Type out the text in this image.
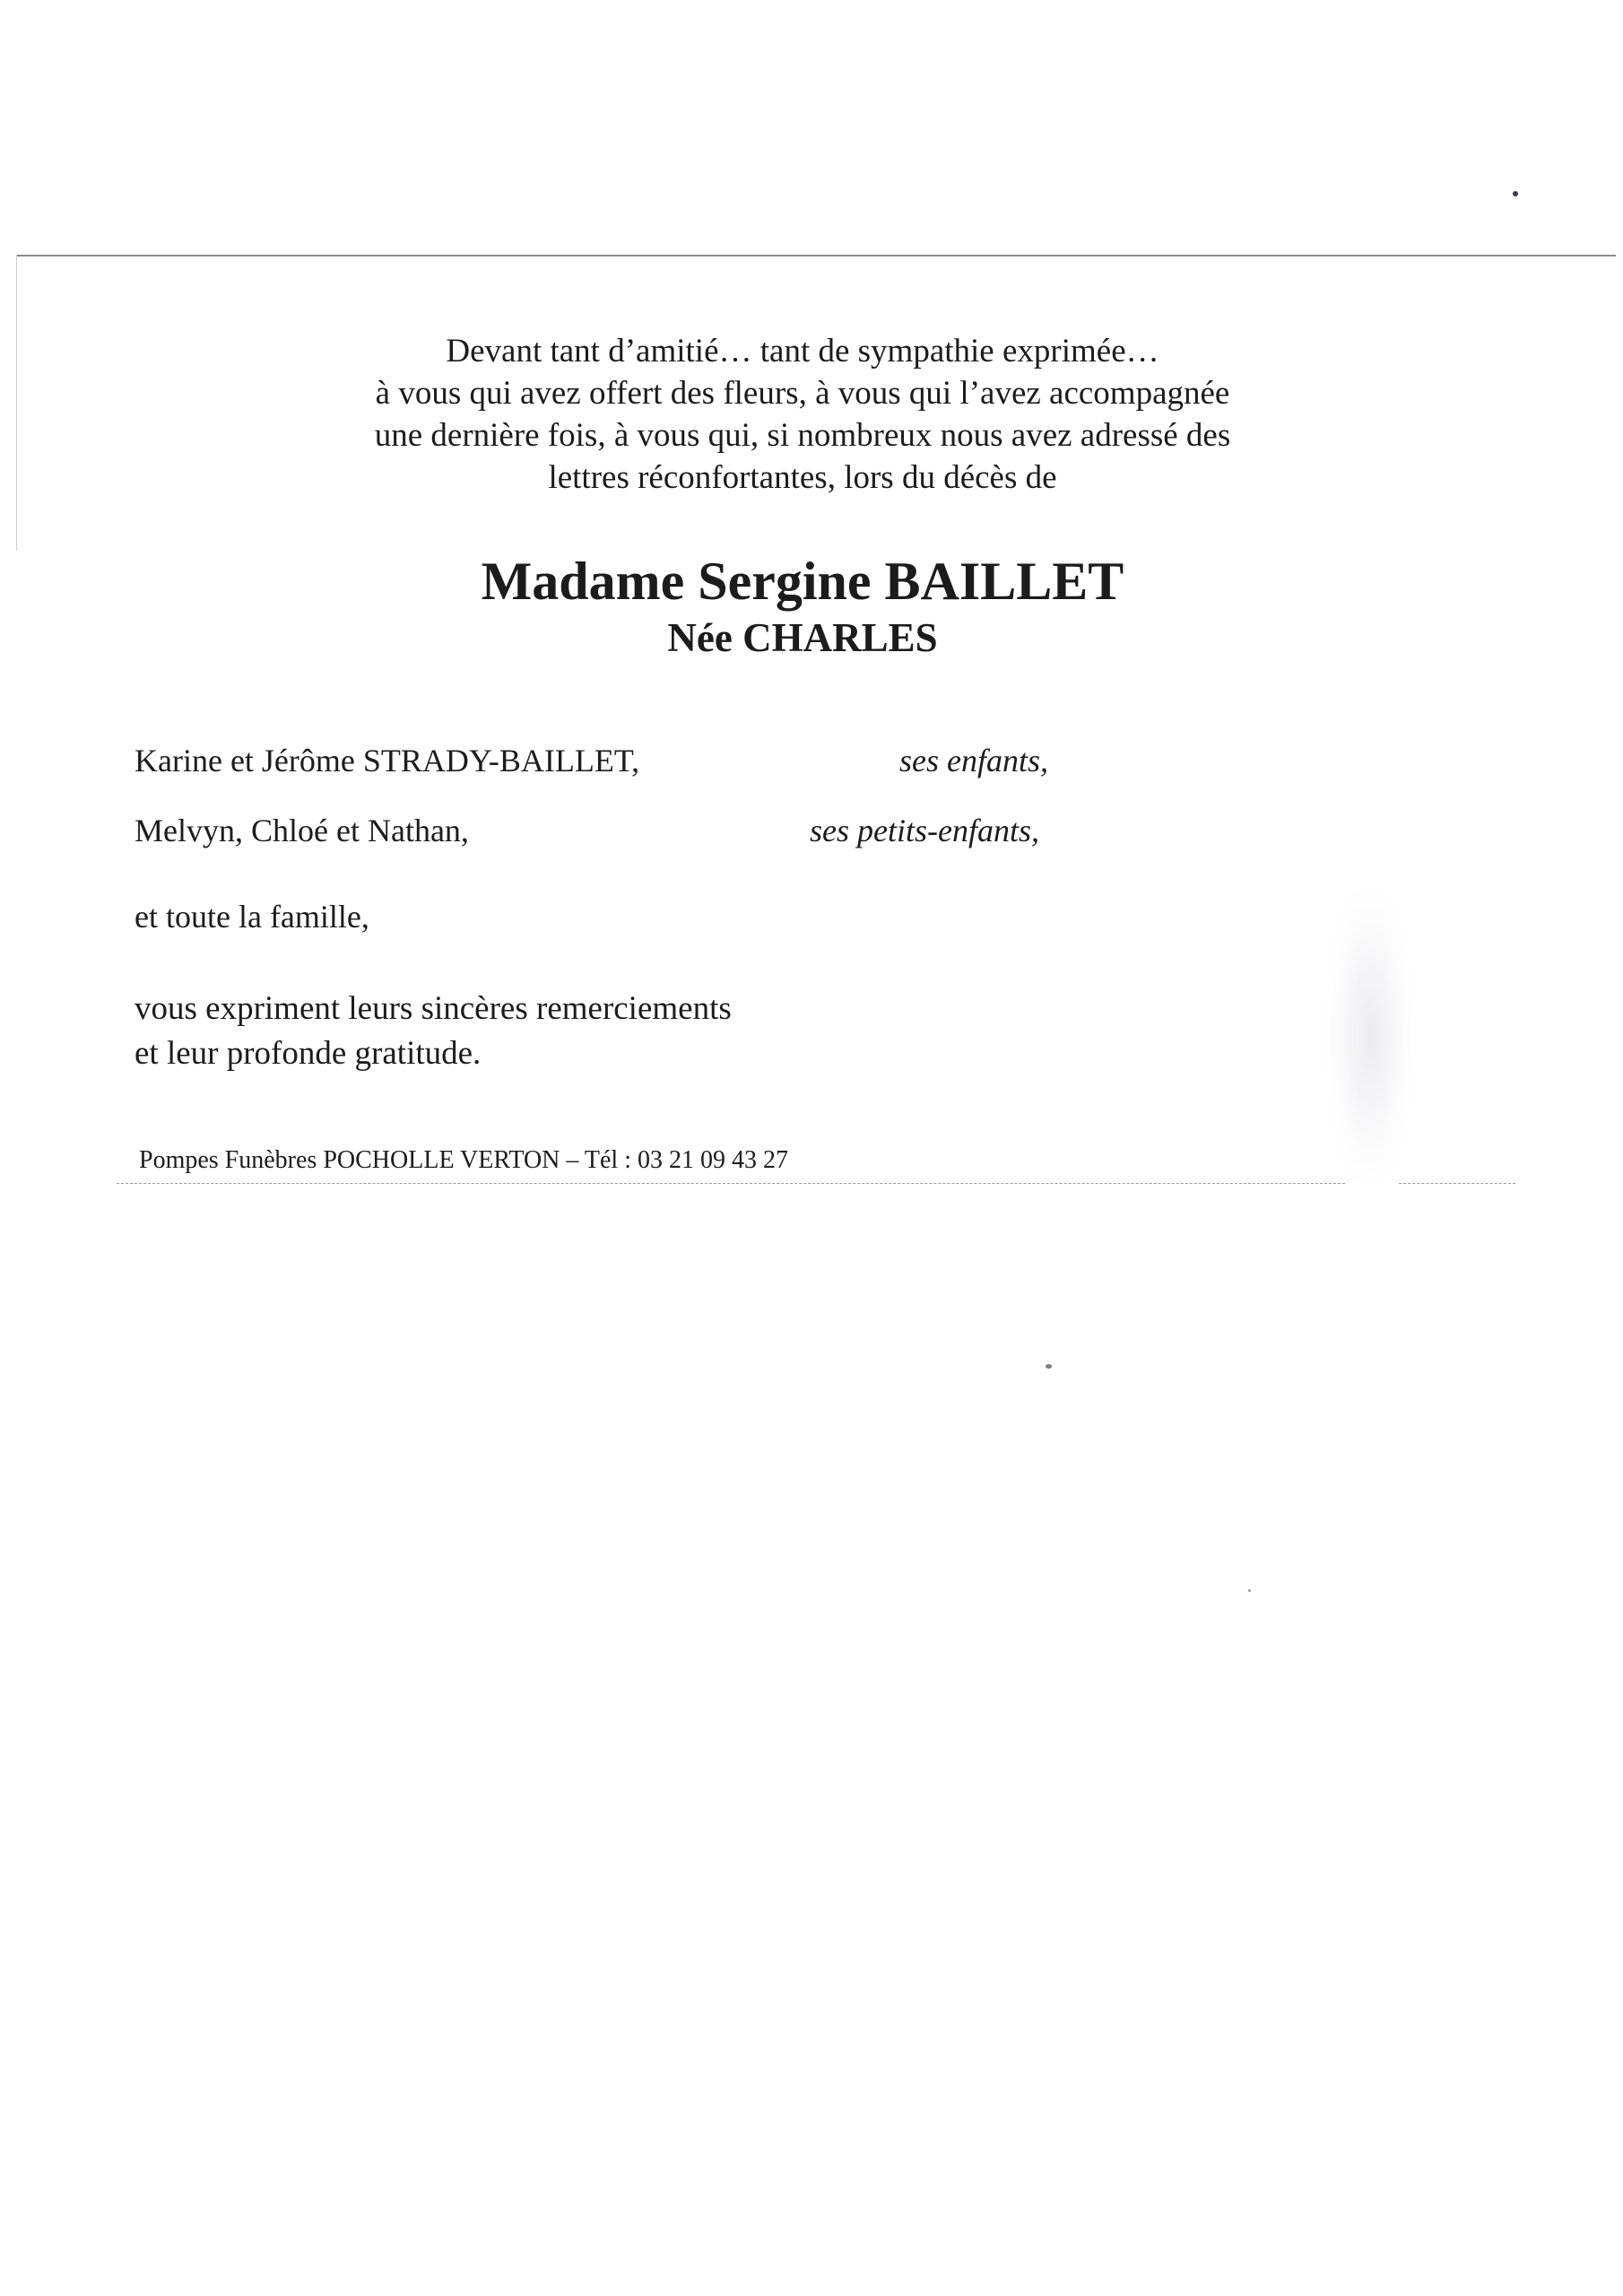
Devant tant d’amitié… tant de sympathie exprimée…
à vous qui avez offert des fleurs, à vous qui l’avez accompagnée
une dernière fois, à vous qui, si nombreux nous avez adressé des
lettres réconfortantes, lors du décès de
Madame Sergine BAILLET
Née CHARLES
Karine et Jérôme STRADY-BAILLET,	ses enfants,
Melvyn, Chloé et Nathan,	ses petits-enfants,
et toute la famille,
vous expriment leurs sincères remerciements
et leur profonde gratitude.
Pompes Funèbres POCHOLLE VERTON – Tél : 03 21 09 43 27
